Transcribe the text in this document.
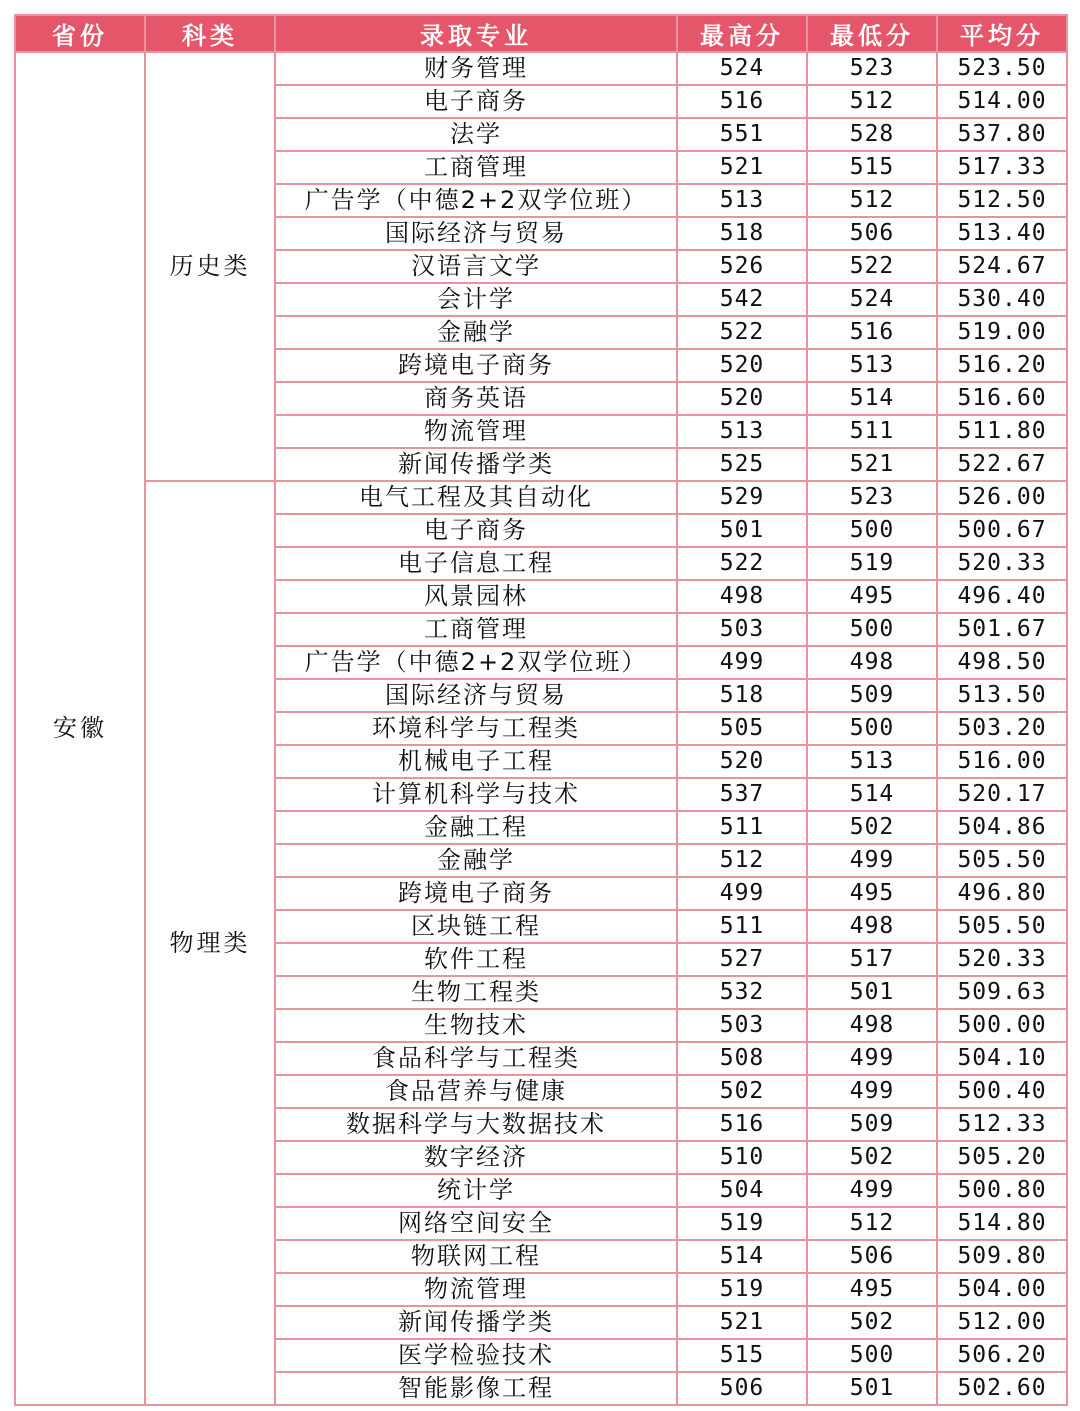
省份	科类	录取专业	最高分	最低分	平均分
安徽	历史类	财务管理	524	523	523.50
		电子商务	516	512	514.00
		法学	551	528	537.80
		工商管理	521	515	517.33
		广告学（中德2+2双学位班）	513	512	512.50
		国际经济与贸易	518	506	513.40
		汉语言文学	526	522	524.67
		会计学	542	524	530.40
		金融学	522	516	519.00
		跨境电子商务	520	513	516.20
		商务英语	520	514	516.60
		物流管理	513	511	511.80
		新闻传播学类	525	521	522.67
	物理类	电气工程及其自动化	529	523	526.00
		电子商务	501	500	500.67
		电子信息工程	522	519	520.33
		风景园林	498	495	496.40
		工商管理	503	500	501.67
		广告学（中德2+2双学位班）	499	498	498.50
		国际经济与贸易	518	509	513.50
		环境科学与工程类	505	500	503.20
		机械电子工程	520	513	516.00
		计算机科学与技术	537	514	520.17
		金融工程	511	502	504.86
		金融学	512	499	505.50
		跨境电子商务	499	495	496.80
		区块链工程	511	498	505.50
		软件工程	527	517	520.33
		生物工程类	532	501	509.63
		生物技术	503	498	500.00
		食品科学与工程类	508	499	504.10
		食品营养与健康	502	499	500.40
		数据科学与大数据技术	516	509	512.33
		数字经济	510	502	505.20
		统计学	504	499	500.80
		网络空间安全	519	512	514.80
		物联网工程	514	506	509.80
		物流管理	519	495	504.00
		新闻传播学类	521	502	512.00
		医学检验技术	515	500	506.20
		智能影像工程	506	501	502.60
